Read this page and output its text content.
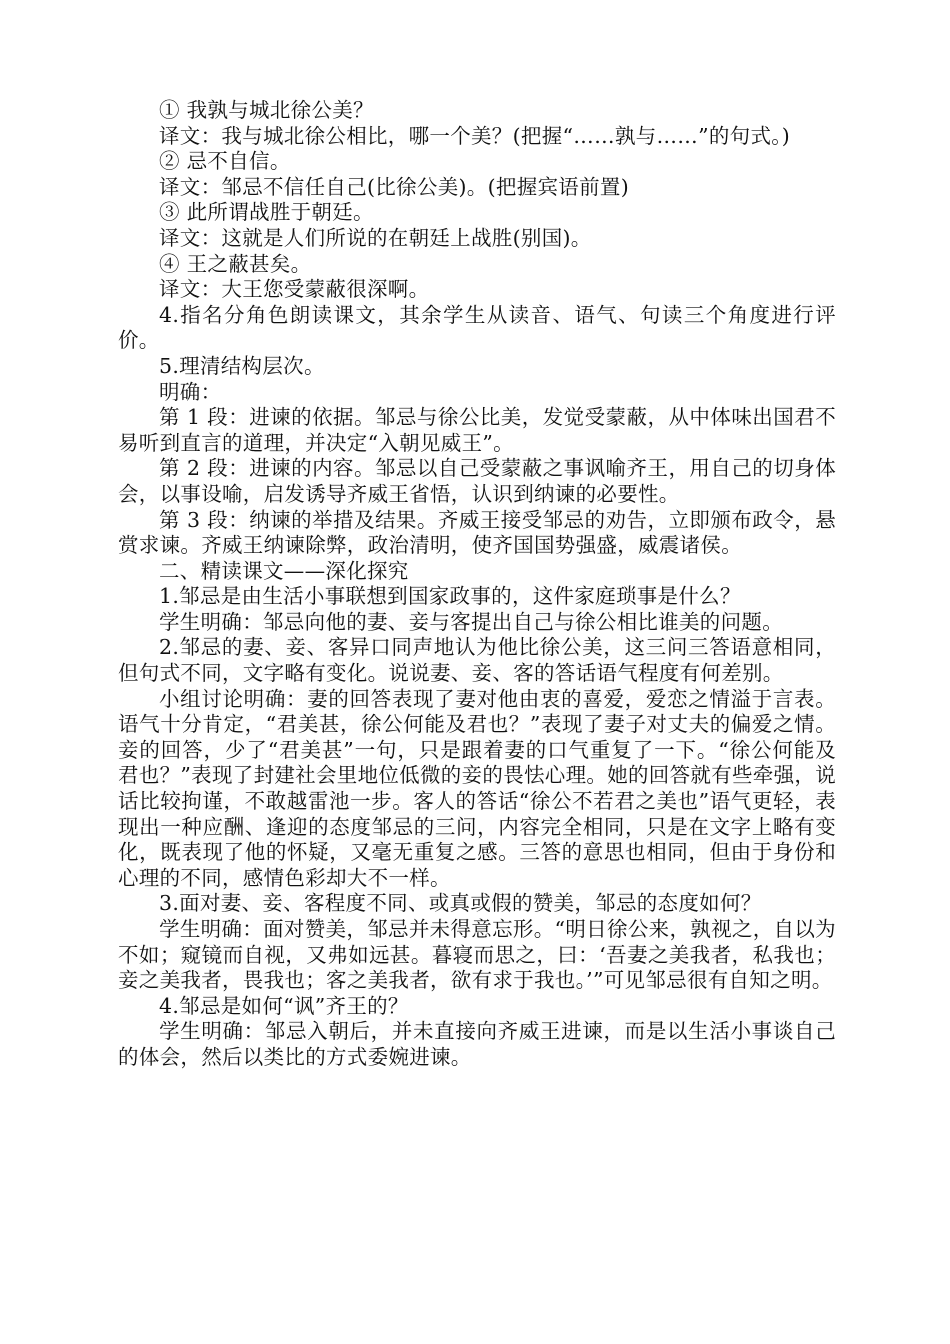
① 我孰与城北徐公美？

译文：我与城北徐公相比，哪一个美？(把握“……孰与……”的句式。)

② 忌不自信。

译文：邹忌不信任自己(比徐公美)。(把握宾语前置)

③ 此所谓战胜于朝廷。

译文：这就是人们所说的在朝廷上战胜(别国)。

④ 王之蔽甚矣。

译文：大王您受蒙蔽很深啊。

4.指名分角色朗读课文，其余学生从读音、语气、句读三个角度进行评价。

5.理清结构层次。

明确：

第 1 段：进谏的依据。邹忌与徐公比美，发觉受蒙蔽，从中体味出国君不易听到直言的道理，并决定“入朝见威王”。

第 2 段：进谏的内容。邹忌以自己受蒙蔽之事讽喻齐王，用自己的切身体会，以事设喻，启发诱导齐威王省悟，认识到纳谏的必要性。

第 3 段：纳谏的举措及结果。齐威王接受邹忌的劝告，立即颁布政令，悬赏求谏。齐威王纳谏除弊，政治清明，使齐国国势强盛，威震诸侯。

二、精读课文——深化探究

1.邹忌是由生活小事联想到国家政事的，这件家庭琐事是什么？

学生明确：邹忌向他的妻、妾与客提出自己与徐公相比谁美的问题。

2.邹忌的妻、妾、客异口同声地认为他比徐公美，这三问三答语意相同，但句式不同，文字略有变化。说说妻、妾、客的答话语气程度有何差别。

小组讨论明确：妻的回答表现了妻对他由衷的喜爱，爱恋之情溢于言表。语气十分肯定，“君美甚，徐公何能及君也？”表现了妻子对丈夫的偏爱之情。妾的回答，少了“君美甚”一句，只是跟着妻的口气重复了一下。“徐公何能及君也？”表现了封建社会里地位低微的妾的畏怯心理。她的回答就有些牵强，说话比较拘谨，不敢越雷池一步。客人的答话“徐公不若君之美也”语气更轻，表现出一种应酬、逢迎的态度邹忌的三问，内容完全相同，只是在文字上略有变化，既表现了他的怀疑，又毫无重复之感。三答的意思也相同，但由于身份和心理的不同，感情色彩却大不一样。

3.面对妻、妾、客程度不同、或真或假的赞美，邹忌的态度如何？

学生明确：面对赞美，邹忌并未得意忘形。“明日徐公来，孰视之，自以为不如；窥镜而自视，又弗如远甚。暮寝而思之，曰：‘吾妻之美我者，私我也；妾之美我者，畏我也；客之美我者，欲有求于我也。’”可见邹忌很有自知之明。

4.邹忌是如何“讽”齐王的？

学生明确：邹忌入朝后，并未直接向齐威王进谏，而是以生活小事谈自己的体会，然后以类比的方式委婉进谏。
